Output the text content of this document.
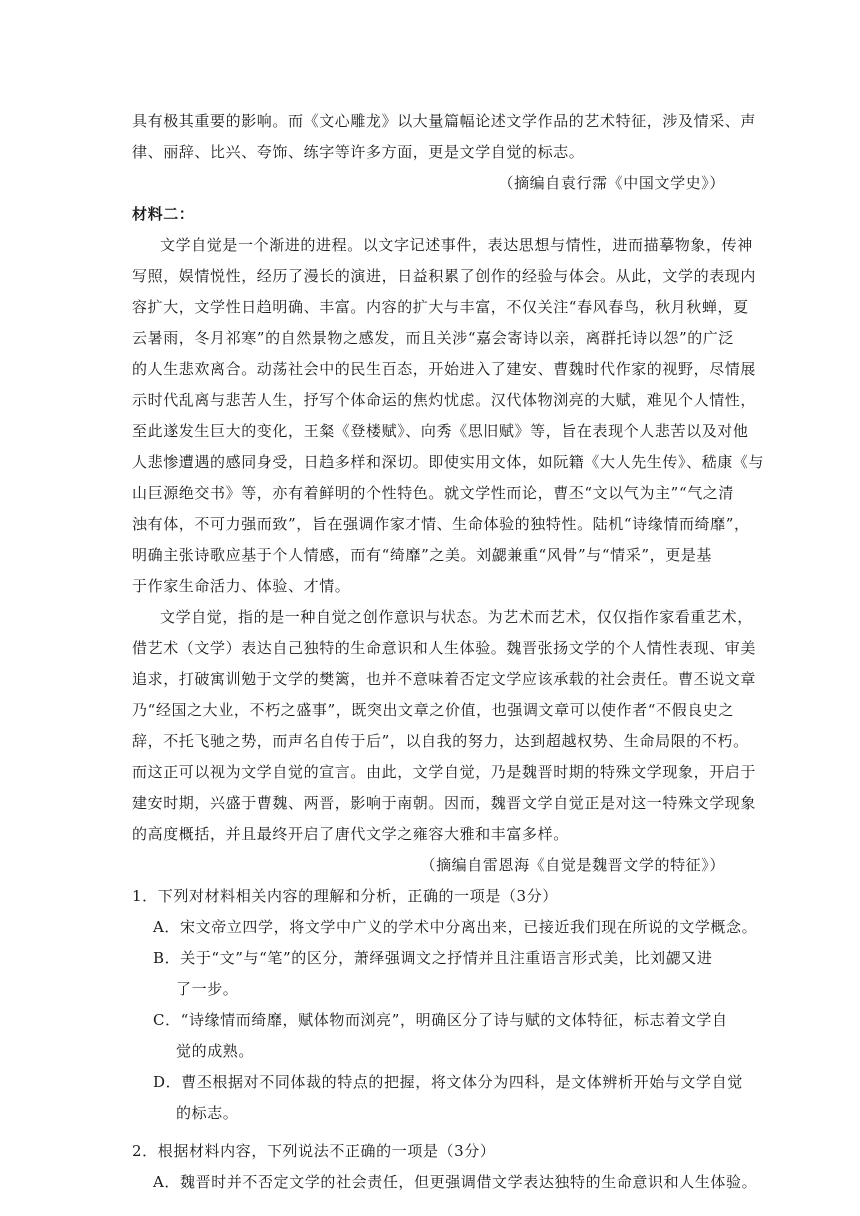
具有极其重要的影响。而《文心雕龙》以大量篇幅论述文学作品的艺术特征，涉及情采、声
律、丽辞、比兴、夸饰、练字等许多方面，更是文学自觉的标志。
（摘编自袁行霈《中国文学史》）
材料二：
文学自觉是一个渐进的进程。以文字记述事件，表达思想与情性，进而描摹物象，传神
写照，娱情悦性，经历了漫长的演进，日益积累了创作的经验与体会。从此，文学的表现内
容扩大，文学性日趋明确、丰富。内容的扩大与丰富，不仅关注“春风春鸟，秋月秋蝉，夏
云暑雨，冬月祁寒”的自然景物之感发，而且关涉“嘉会寄诗以亲，离群托诗以怨”的广泛
的人生悲欢离合。动荡社会中的民生百态，开始进入了建安、曹魏时代作家的视野，尽情展
示时代乱离与悲苦人生，抒写个体命运的焦灼忧虑。汉代体物浏亮的大赋，难见个人情性，
至此遂发生巨大的变化，王粲《登楼赋》、向秀《思旧赋》等，旨在表现个人悲苦以及对他
人悲惨遭遇的感同身受，日趋多样和深切。即使实用文体，如阮籍《大人先生传》、嵇康《与
山巨源绝交书》等，亦有着鲜明的个性特色。就文学性而论，曹丕“文以气为主”“气之清
浊有体，不可力强而致”，旨在强调作家才情、生命体验的独特性。陆机“诗缘情而绮靡”，
明确主张诗歌应基于个人情感，而有“绮靡”之美。刘勰兼重“风骨”与“情采”，更是基
于作家生命活力、体验、才情。
文学自觉，指的是一种自觉之创作意识与状态。为艺术而艺术，仅仅指作家看重艺术，
借艺术（文学）表达自己独特的生命意识和人生体验。魏晋张扬文学的个人情性表现、审美
追求，打破寓训勉于文学的樊篱，也并不意味着否定文学应该承载的社会责任。曹丕说文章
乃“经国之大业，不朽之盛事”，既突出文章之价值，也强调文章可以使作者“不假良史之
辞，不托飞驰之势，而声名自传于后”，以自我的努力，达到超越权势、生命局限的不朽。
而这正可以视为文学自觉的宣言。由此，文学自觉，乃是魏晋时期的特殊文学现象，开启于
建安时期，兴盛于曹魏、两晋，影响于南朝。因而，魏晋文学自觉正是对这一特殊文学现象
的高度概括，并且最终开启了唐代文学之雍容大雅和丰富多样。
（摘编自雷恩海《自觉是魏晋文学的特征》）
1．下列对材料相关内容的理解和分析，正确的一项是（3分）
A．宋文帝立四学，将文学中广义的学术中分离出来，已接近我们现在所说的文学概念。
B．关于“文”与“笔”的区分，萧绎强调文之抒情并且注重语言形式美，比刘勰又进
了一步。
C．“诗缘情而绮靡，赋体物而浏亮”，明确区分了诗与赋的文体特征，标志着文学自
觉的成熟。
D．曹丕根据对不同体裁的特点的把握，将文体分为四科，是文体辨析开始与文学自觉
的标志。
2．根据材料内容，下列说法不正确的一项是（3分）
A．魏晋时并不否定文学的社会责任，但更强调借文学表达独特的生命意识和人生体验。
